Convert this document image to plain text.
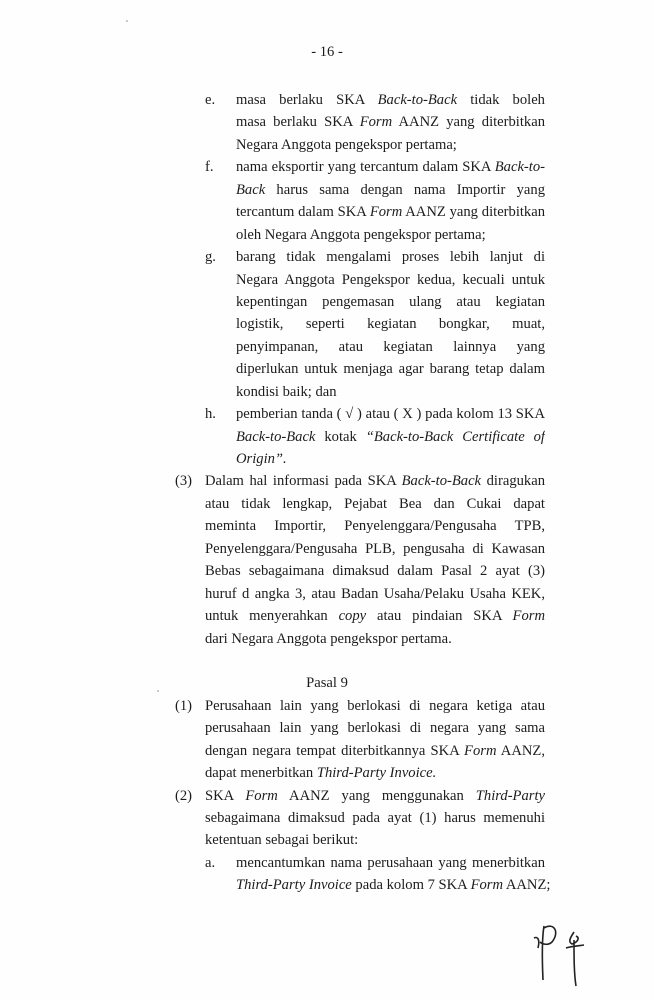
- 16 -
e. masa berlaku SKA Back-to-Back tidak boleh
masa berlaku SKA Form AANZ yang diterbitkan
Negara Anggota pengekspor pertama;
f. nama eksportir yang tercantum dalam SKA Back-to-
Back harus sama dengan nama Importir yang
tercantum dalam SKA Form AANZ yang diterbitkan
oleh Negara Anggota pengekspor pertama;
g. barang tidak mengalami proses lebih lanjut di
Negara Anggota Pengekspor kedua, kecuali untuk
kepentingan pengemasan ulang atau kegiatan
logistik, seperti kegiatan bongkar, muat,
penyimpanan, atau kegiatan lainnya yang
diperlukan untuk menjaga agar barang tetap dalam
kondisi baik; dan
h. pemberian tanda ( √ ) atau ( X ) pada kolom 13 SKA
Back-to-Back kotak “Back-to-Back Certificate of
Origin”.
(3) Dalam hal informasi pada SKA Back-to-Back diragukan
atau tidak lengkap, Pejabat Bea dan Cukai dapat
meminta Importir, Penyelenggara/Pengusaha TPB,
Penyelenggara/Pengusaha PLB, pengusaha di Kawasan
Bebas sebagaimana dimaksud dalam Pasal 2 ayat (3)
huruf d angka 3, atau Badan Usaha/Pelaku Usaha KEK,
untuk menyerahkan copy atau pindaian SKA Form
dari Negara Anggota pengekspor pertama.
Pasal 9
(1) Perusahaan lain yang berlokasi di negara ketiga atau
perusahaan lain yang berlokasi di negara yang sama
dengan negara tempat diterbitkannya SKA Form AANZ,
dapat menerbitkan Third-Party Invoice.
(2) SKA Form AANZ yang menggunakan Third-Party
sebagaimana dimaksud pada ayat (1) harus memenuhi
ketentuan sebagai berikut:
a. mencantumkan nama perusahaan yang menerbitkan
Third-Party Invoice pada kolom 7 SKA Form AANZ;
